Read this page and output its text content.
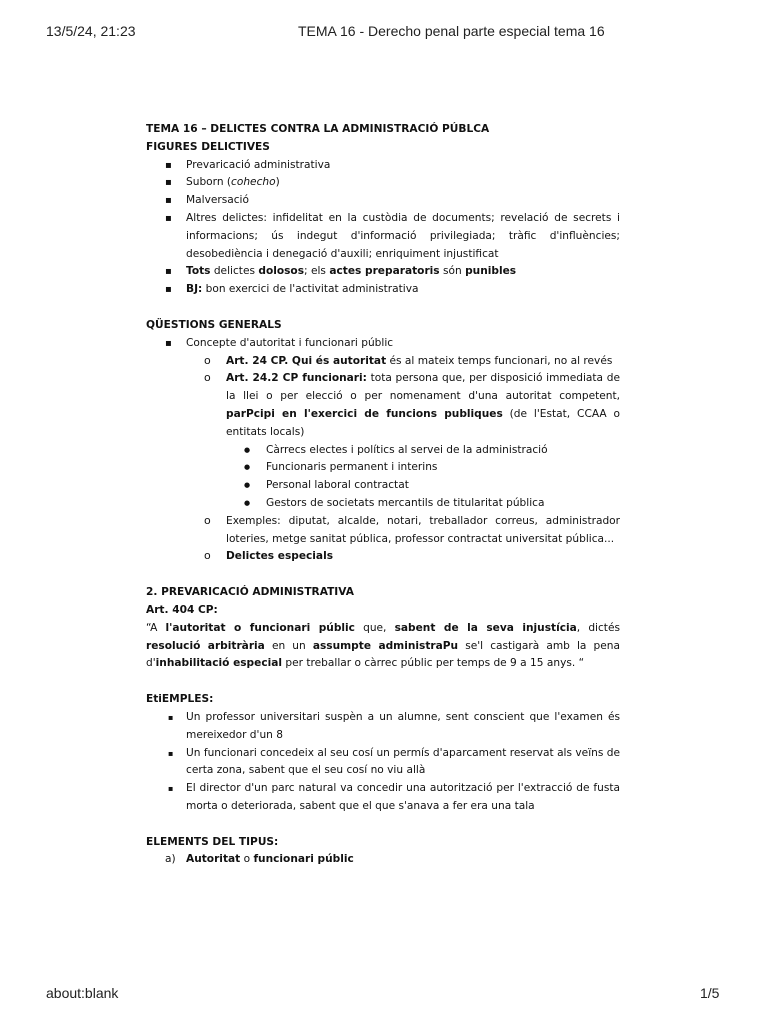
13/5/24, 21:23	TEMA 16 - Derecho penal parte especial tema 16

TEMA 16 – DELICTES CONTRA LA ADMINISTRACIÓ PÚBLCA

FIGURES DELICTIVES

▪ Prevaricació administrativa
▪ Suborn (cohecho)
▪ Malversació
▪ Altres delictes: infidelitat en la custòdia de documents; revelació de secrets i informacions; ús indegut d'informació privilegiada; tràfic d'influències; desobediència i denegació d'auxili; enriquiment injustificat
▪ Tots delictes dolosos; els actes preparatoris són punibles
▪ BJ: bon exercici de l'activitat administrativa

QÜESTIONS GENERALS

▪ Concepte d'autoritat i funcionari públic
o Art. 24 CP. Qui és autoritat és al mateix temps funcionari, no al revés
o Art. 24.2 CP funcionari: tota persona que, per disposició immediata de la llei o per elecció o per nomenament d'una autoritat competent, parPcipi en l'exercici de funcions publiques (de l'Estat, CCAA o entitats locals)
● Càrrecs electes i polítics al servei de la administració
● Funcionaris permanent i interins
● Personal laboral contractat
● Gestors de societats mercantils de titularitat pública
o Exemples: diputat, alcalde, notari, treballador correus, administrador loteries, metge sanitat pública, professor contractat universitat pública...
o Delictes especials

2. PREVARICACIÓ ADMINISTRATIVA

Art. 404 CP:

“A l'autoritat o funcionari públic que, sabent de la seva injustícia, dictés resolució arbitrària en un assumpte administraPu se'l castigarà amb la pena d'inhabilitació especial per treballar o càrrec públic per temps de 9 a 15 anys. “

EtiEMPLES:

▪ Un professor universitari suspèn a un alumne, sent conscient que l'examen és mereixedor d'un 8
▪ Un funcionari concedeix al seu cosí un permís d'aparcament reservat als veïns de certa zona, sabent que el seu cosí no viu allà
▪ El director d'un parc natural va concedir una autorització per l'extracció de fusta morta o deteriorada, sabent que el que s'anava a fer era una tala

ELEMENTS DEL TIPUS:

a) Autoritat o funcionari públic
about:blank	1/5
